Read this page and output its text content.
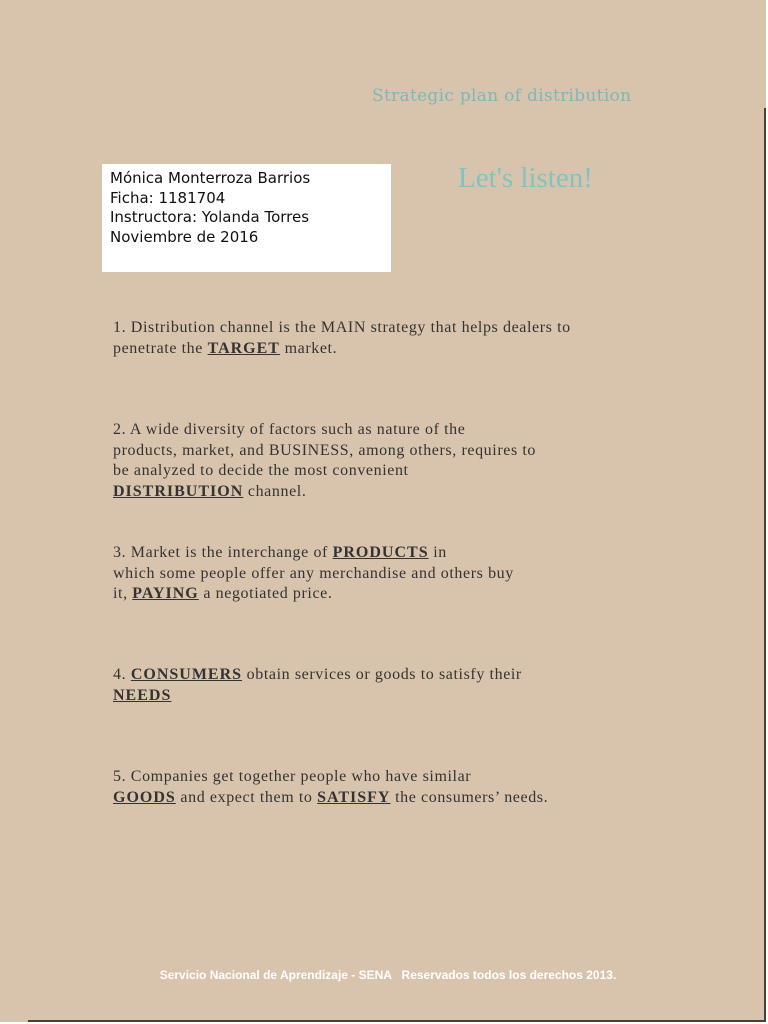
Strategic plan of distribution
Mónica Monterroza Barrios
Ficha: 1181704
Instructora: Yolanda Torres
Noviembre de 2016
Let's listen!
1. Distribution channel is the MAIN strategy that helps dealers to
penetrate the TARGET market.
2. A wide diversity of factors such as nature of the
products, market, and BUSINESS, among others, requires to
be analyzed to decide the most convenient
DISTRIBUTION channel.
3. Market is the interchange of PRODUCTS in
which some people offer any merchandise and others buy
it, PAYING a negotiated price.
4. CONSUMERS obtain services or goods to satisfy their
NEEDS
5. Companies get together people who have similar
GOODS and expect them to SATISFY the consumers’ needs.
Servicio Nacional de Aprendizaje - SENA   Reservados todos los derechos 2013.
